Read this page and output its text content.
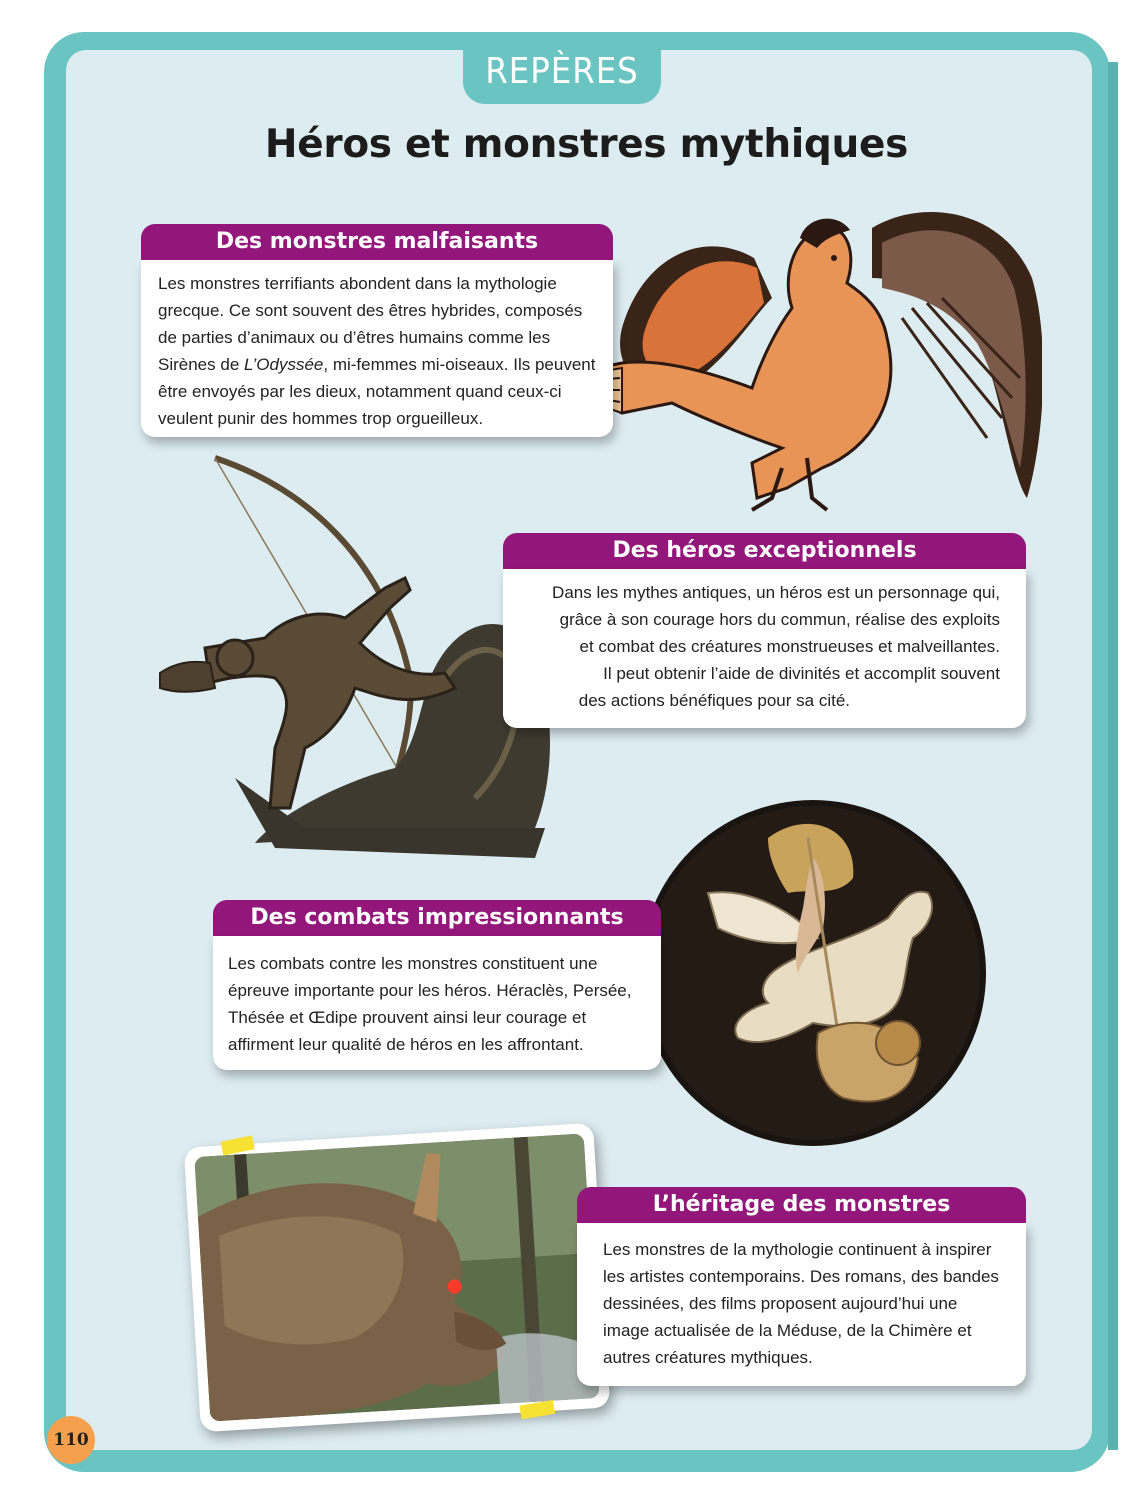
REPÈRES
Héros et monstres mythiques
Des monstres malfaisants
Les monstres terrifiants abondent dans la mythologie
grecque. Ce sont souvent des êtres hybrides, composés
de parties d’animaux ou d’êtres humains comme les
Sirènes de L’Odyssée, mi-femmes mi-oiseaux. Ils peuvent
être envoyés par les dieux, notamment quand ceux-ci
veulent punir des hommes trop orgueilleux.
Des héros exceptionnels
Dans les mythes antiques, un héros est un personnage qui,
grâce à son courage hors du commun, réalise des exploits
et combat des créatures monstrueuses et malveillantes.
Il peut obtenir l’aide de divinités et accomplit souvent
des actions bénéfiques pour sa cité.
Des combats impressionnants
Les combats contre les monstres constituent une
épreuve importante pour les héros. Héraclès, Persée,
Thésée et Œdipe prouvent ainsi leur courage et
affirment leur qualité de héros en les affrontant.
L’héritage des monstres
Les monstres de la mythologie continuent à inspirer
les artistes contemporains. Des romans, des bandes
dessinées, des films proposent aujourd’hui une
image actualisée de la Méduse, de la Chimère et
autres créatures mythiques.
110
